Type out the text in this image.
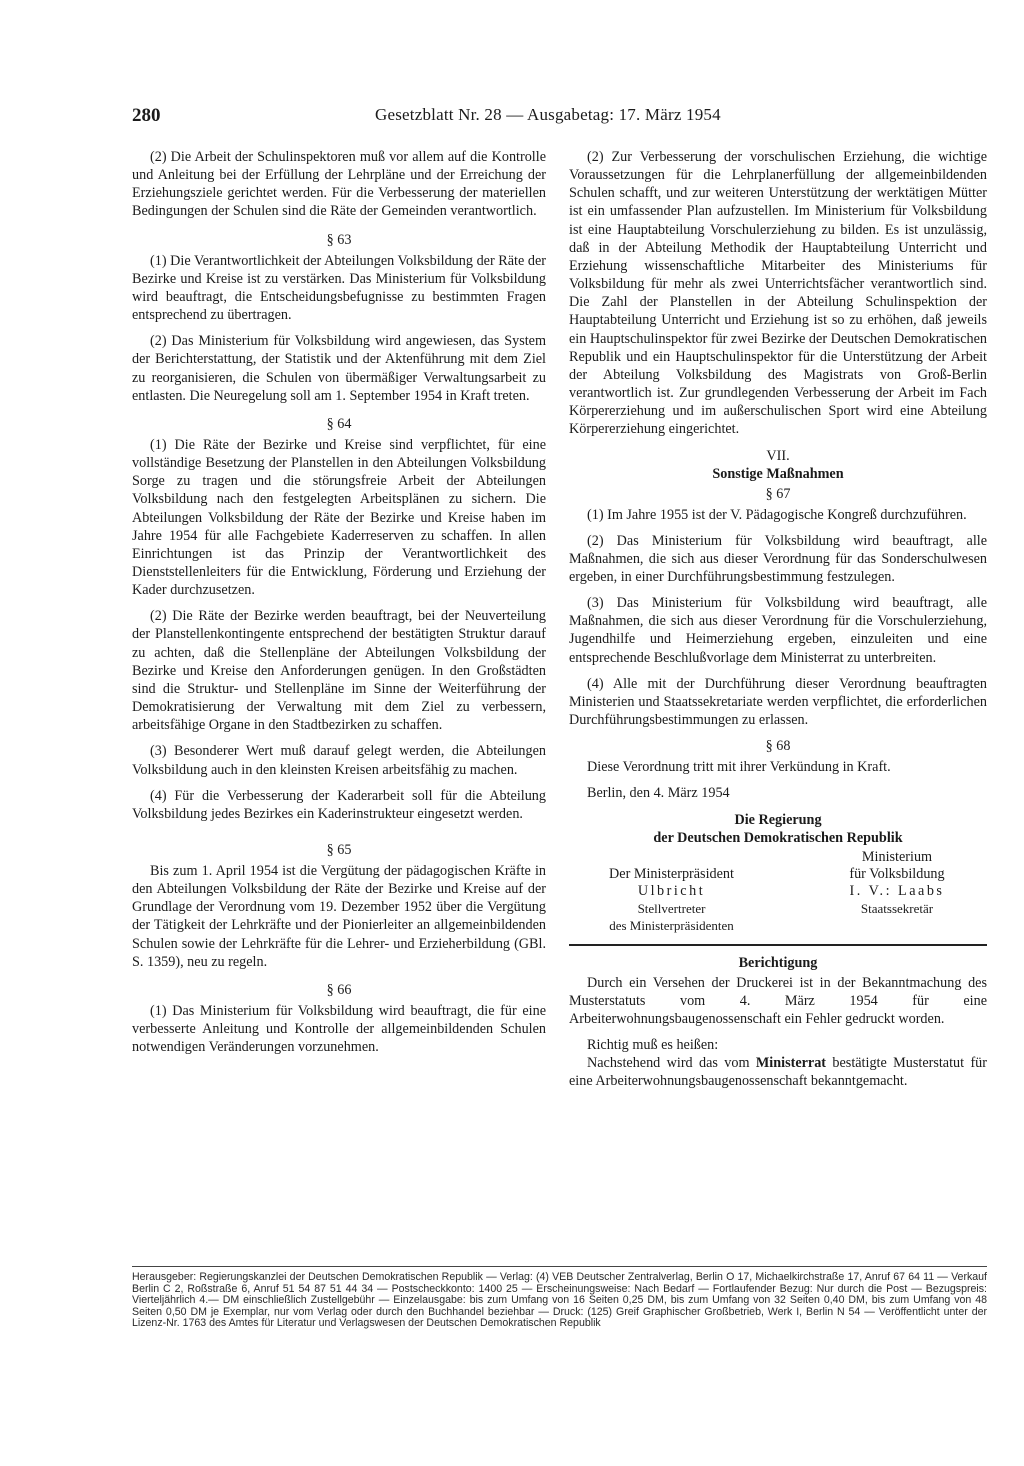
280	Gesetzblatt Nr. 28 — Ausgabetag: 17. März 1954

(2) Die Arbeit der Schulinspektoren muß vor allem auf die Kontrolle und Anleitung bei der Erfüllung der Lehrpläne und der Erreichung der Erziehungsziele gerichtet werden. Für die Verbesserung der materiellen Bedingungen der Schulen sind die Räte der Gemeinden verantwortlich.

§ 63

(1) Die Verantwortlichkeit der Abteilungen Volksbildung der Räte der Bezirke und Kreise ist zu verstärken. Das Ministerium für Volksbildung wird beauftragt, die Entscheidungsbefugnisse zu bestimmten Fragen entsprechend zu übertragen.

(2) Das Ministerium für Volksbildung wird angewiesen, das System der Berichterstattung, der Statistik und der Aktenführung mit dem Ziel zu reorganisieren, die Schulen von übermäßiger Verwaltungsarbeit zu entlasten. Die Neuregelung soll am 1. September 1954 in Kraft treten.

§ 64

(1) Die Räte der Bezirke und Kreise sind verpflichtet, für eine vollständige Besetzung der Planstellen in den Abteilungen Volksbildung Sorge zu tragen und die störungsfreie Arbeit der Abteilungen Volksbildung nach den festgelegten Arbeitsplänen zu sichern. Die Abteilungen Volksbildung der Räte der Bezirke und Kreise haben im Jahre 1954 für alle Fachgebiete Kaderreserven zu schaffen. In allen Einrichtungen ist das Prinzip der Verantwortlichkeit des Dienststellenleiters für die Entwicklung, Förderung und Erziehung der Kader durchzusetzen.

(2) Die Räte der Bezirke werden beauftragt, bei der Neuverteilung der Planstellenkontingente entsprechend der bestätigten Struktur darauf zu achten, daß die Stellenpläne der Abteilungen Volksbildung der Bezirke und Kreise den Anforderungen genügen. In den Großstädten sind die Struktur- und Stellenpläne im Sinne der Weiterführung der Demokratisierung der Verwaltung mit dem Ziel zu verbessern, arbeitsfähige Organe in den Stadtbezirken zu schaffen.

(3) Besonderer Wert muß darauf gelegt werden, die Abteilungen Volksbildung auch in den kleinsten Kreisen arbeitsfähig zu machen.

(4) Für die Verbesserung der Kaderarbeit soll für die Abteilung Volksbildung jedes Bezirkes ein Kaderinstrukteur eingesetzt werden.

§ 65

Bis zum 1. April 1954 ist die Vergütung der pädagogischen Kräfte in den Abteilungen Volksbildung der Räte der Bezirke und Kreise auf der Grundlage der Verordnung vom 19. Dezember 1952 über die Vergütung der Tätigkeit der Lehrkräfte und der Pionierleiter an allgemeinbildenden Schulen sowie der Lehrkräfte für die Lehrer- und Erzieherbildung (GBl. S. 1359), neu zu regeln.

§ 66

(1) Das Ministerium für Volksbildung wird beauftragt, die für eine verbesserte Anleitung und Kontrolle der allgemeinbildenden Schulen notwendigen Veränderungen vorzunehmen.

(2) Zur Verbesserung der vorschulischen Erziehung, die wichtige Voraussetzungen für die Lehrplanerfüllung der allgemeinbildenden Schulen schafft, und zur weiteren Unterstützung der werktätigen Mütter ist ein umfassender Plan aufzustellen. Im Ministerium für Volksbildung ist eine Hauptabteilung Vorschulerziehung zu bilden. Es ist unzulässig, daß in der Abteilung Methodik der Hauptabteilung Unterricht und Erziehung wissenschaftliche Mitarbeiter des Ministeriums für Volksbildung für mehr als zwei Unterrichtsfächer verantwortlich sind. Die Zahl der Planstellen in der Abteilung Schulinspektion der Hauptabteilung Unterricht und Erziehung ist so zu erhöhen, daß jeweils ein Hauptschulinspektor für zwei Bezirke der Deutschen Demokratischen Republik und ein Hauptschulinspektor für die Unterstützung der Arbeit der Abteilung Volksbildung des Magistrats von Groß-Berlin verantwortlich ist. Zur grundlegenden Verbesserung der Arbeit im Fach Körpererziehung und im außerschulischen Sport wird eine Abteilung Körpererziehung eingerichtet.

VII.
Sonstige Maßnahmen
§ 67

(1) Im Jahre 1955 ist der V. Pädagogische Kongreß durchzuführen.

(2) Das Ministerium für Volksbildung wird beauftragt, alle Maßnahmen, die sich aus dieser Verordnung für das Sonderschulwesen ergeben, in einer Durchführungsbestimmung festzulegen.

(3) Das Ministerium für Volksbildung wird beauftragt, alle Maßnahmen, die sich aus dieser Verordnung für die Vorschulerziehung, Jugendhilfe und Heimerziehung ergeben, einzuleiten und eine entsprechende Beschlußvorlage dem Ministerrat zu unterbreiten.

(4) Alle mit der Durchführung dieser Verordnung beauftragten Ministerien und Staatssekretariate werden verpflichtet, die erforderlichen Durchführungsbestimmungen zu erlassen.

§ 68

Diese Verordnung tritt mit ihrer Verkündung in Kraft.

Berlin, den 4. März 1954

Die Regierung
der Deutschen Demokratischen Republik
Der Ministerpräsident
Ulbricht
Stellvertreter
des Ministerpräsidenten
Ministerium
für Volksbildung
I. V.: Laabs
Staatssekretär
Berichtigung

Durch ein Versehen der Druckerei ist in der Bekanntmachung des Musterstatuts vom 4. März 1954 für eine Arbeiterwohnungsbaugenossenschaft ein Fehler gedruckt worden.

Richtig muß es heißen:

Nachstehend wird das vom Ministerrat bestätigte Musterstatut für eine Arbeiterwohnungsbaugenossenschaft bekanntgemacht.

Herausgeber: Regierungskanzlei der Deutschen Demokratischen Republik — Verlag: (4) VEB Deutscher Zentralverlag, Berlin O 17, Michaelkirchstraße 17, Anruf 67 64 11 — Verkauf Berlin C 2, Roßstraße 6, Anruf 51 54 87 51 44 34 — Postscheckkonto: 1400 25 — Erscheinungsweise: Nach Bedarf — Fortlaufender Bezug: Nur durch die Post — Bezugspreis: Vierteljährlich 4.— DM einschließlich Zustellgebühr — Einzelausgabe: bis zum Umfang von 16 Seiten 0,25 DM, bis zum Umfang von 32 Seiten 0,40 DM, bis zum Umfang von 48 Seiten 0,50 DM je Exemplar, nur vom Verlag oder durch den Buchhandel beziehbar — Druck: (125) Greif Graphischer Großbetrieb, Werk I, Berlin N 54 — Veröffentlicht unter der Lizenz-Nr. 1763 des Amtes für Literatur und Verlagswesen der Deutschen Demokratischen Republik
